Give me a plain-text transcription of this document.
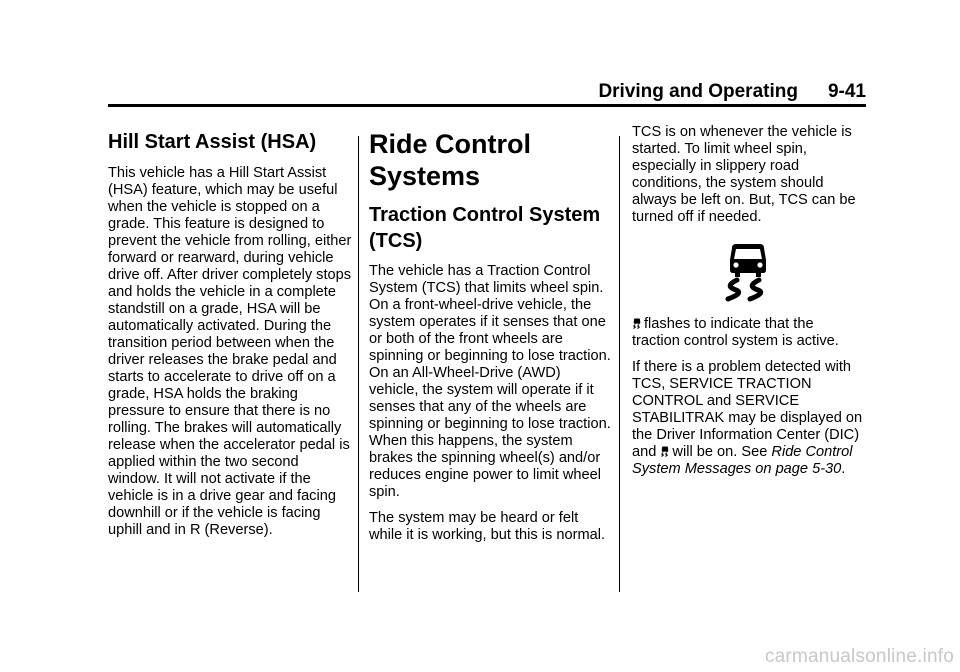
Driving and Operating 9-41
Hill Start Assist (HSA)

This vehicle has a Hill Start Assist (HSA) feature, which may be useful when the vehicle is stopped on a grade. This feature is designed to prevent the vehicle from rolling, either forward or rearward, during vehicle drive off. After driver completely stops and holds the vehicle in a complete standstill on a grade, HSA will be automatically activated. During the transition period between when the driver releases the brake pedal and starts to accelerate to drive off on a grade, HSA holds the braking pressure to ensure that there is no rolling. The brakes will automatically release when the accelerator pedal is applied within the two second window. It will not activate if the vehicle is in a drive gear and facing downhill or if the vehicle is facing uphill and in R (Reverse).

Ride Control Systems
Traction Control System (TCS)

The vehicle has a Traction Control System (TCS) that limits wheel spin. On a front-wheel-drive vehicle, the system operates if it senses that one or both of the front wheels are spinning or beginning to lose traction. On an All-Wheel-Drive (AWD) vehicle, the system will operate if it senses that any of the wheels are spinning or beginning to lose traction. When this happens, the system brakes the spinning wheel(s) and/or reduces engine power to limit wheel spin.

The system may be heard or felt while it is working, but this is normal.

TCS is on whenever the vehicle is started. To limit wheel spin, especially in slippery road conditions, the system should always be left on. But, TCS can be turned off if needed.

flashes to indicate that the traction control system is active.

If there is a problem detected with TCS, SERVICE TRACTION CONTROL and SERVICE STABILITRAK may be displayed on the Driver Information Center (DIC) and will be on. See Ride Control System Messages on page 5-30.

carmanualsonline.info
